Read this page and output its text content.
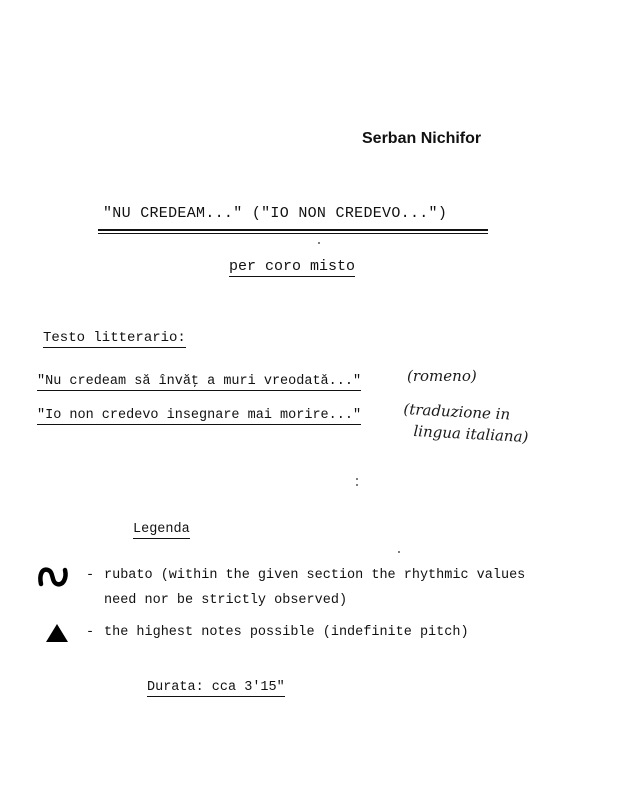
Serban Nichifor
"NU CREDEAM..." ("IO NON CREDEVO...")
per coro misto
Testo litterario:
"Nu credeam să învăţ a muri vreodată..."
"Io non credevo insegnare mai morire..."
(romeno)
(traduzione in
lingua italiana)
Legenda
- rubato (within the given section the rhythmic values
need nor be strictly observed)
- the highest notes possible (indefinite pitch)
Durata: cca 3'15"
